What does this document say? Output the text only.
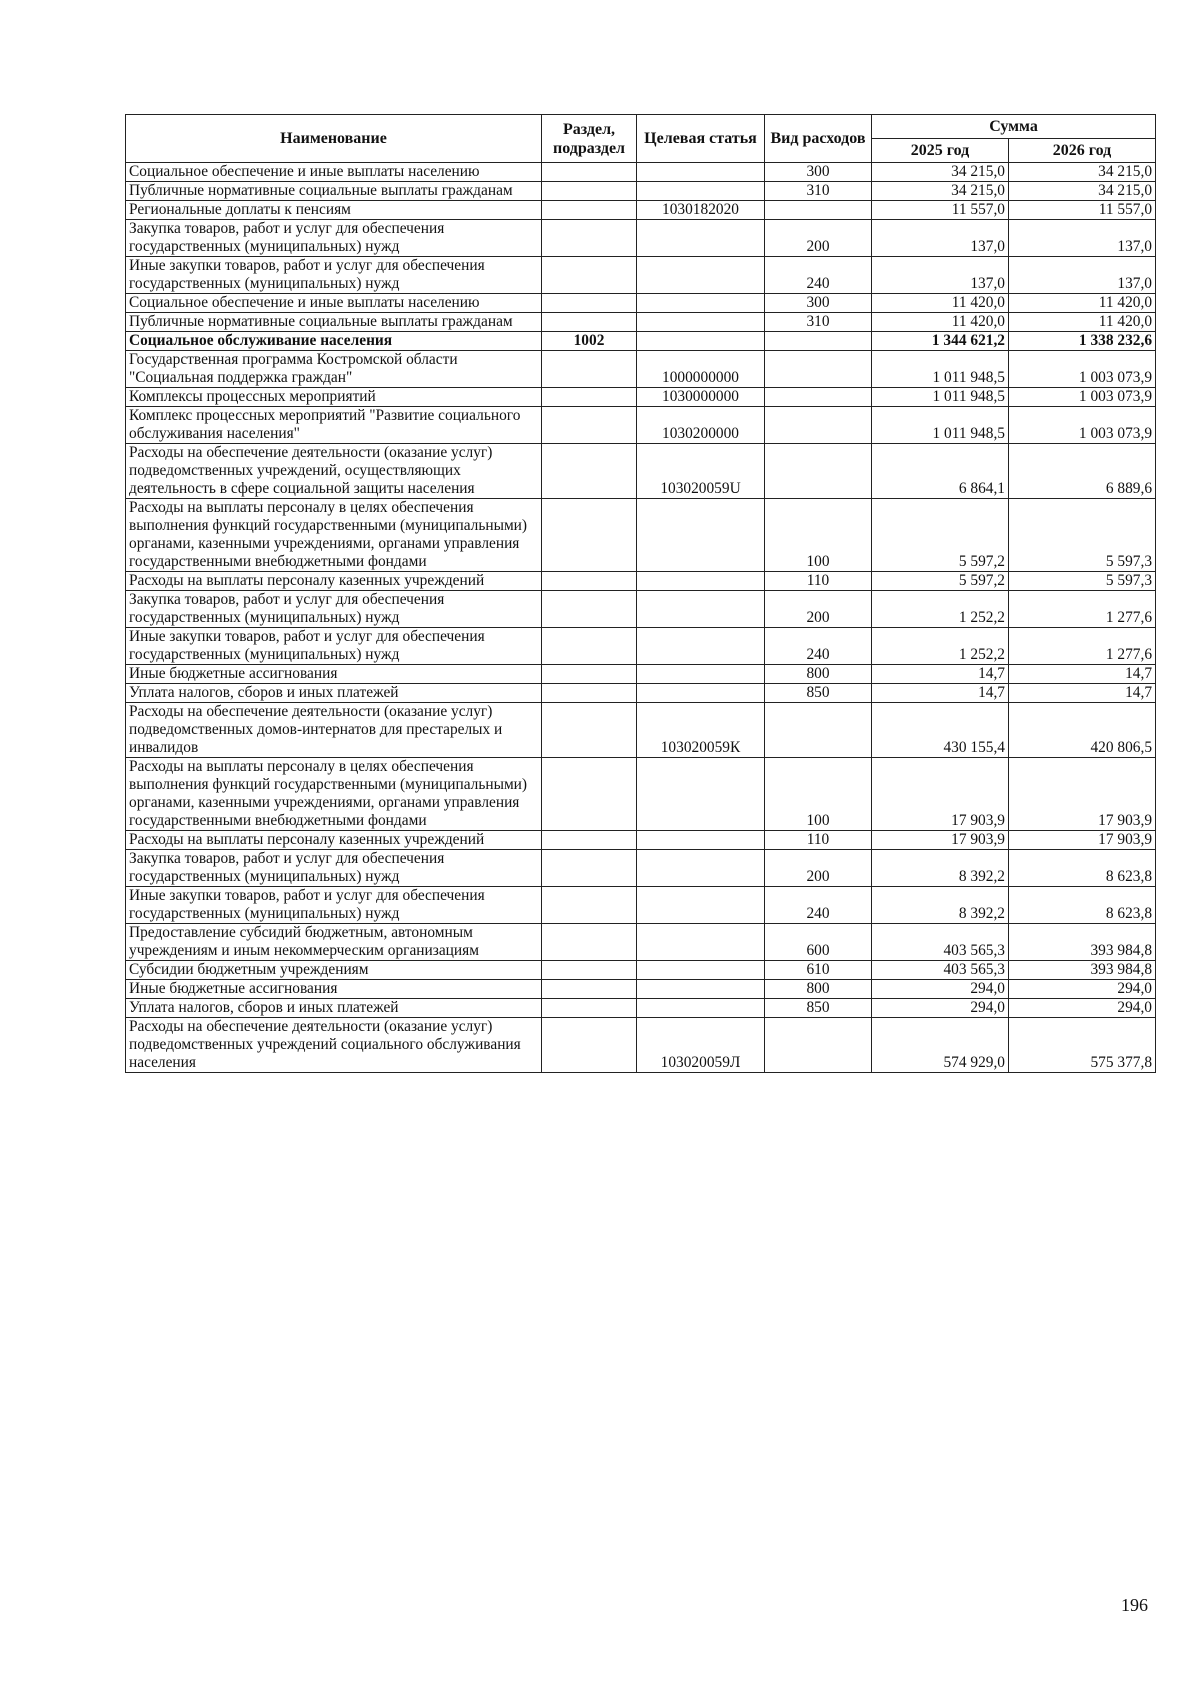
Наименование	Раздел, подраздел	Целевая статья	Вид расходов	Сумма	
				2025 год	2026 год
Социальное обеспечение и иные выплаты населению			300	34 215,0	34 215,0
Публичные нормативные социальные выплаты гражданам			310	34 215,0	34 215,0
Региональные доплаты к пенсиям		1030182020		11 557,0	11 557,0
Закупка товаров, работ и услуг для обеспечения государственных (муниципальных) нужд			200	137,0	137,0
Иные закупки товаров, работ и услуг для обеспечения государственных (муниципальных) нужд			240	137,0	137,0
Социальное обеспечение и иные выплаты населению			300	11 420,0	11 420,0
Публичные нормативные социальные выплаты гражданам			310	11 420,0	11 420,0
Социальное обслуживание населения	1002			1 344 621,2	1 338 232,6
Государственная программа Костромской области "Социальная поддержка граждан"		1000000000		1 011 948,5	1 003 073,9
Комплексы процессных мероприятий		1030000000		1 011 948,5	1 003 073,9
Комплекс процессных мероприятий "Развитие социального обслуживания населения"		1030200000		1 011 948,5	1 003 073,9
Расходы на обеспечение деятельности (оказание услуг) подведомственных учреждений, осуществляющих деятельность в сфере социальной защиты населения		103020059U		6 864,1	6 889,6
Расходы на выплаты персоналу в целях обеспечения выполнения функций государственными (муниципальными) органами, казенными учреждениями, органами управления государственными внебюджетными фондами			100	5 597,2	5 597,3
Расходы на выплаты персоналу казенных учреждений			110	5 597,2	5 597,3
Закупка товаров, работ и услуг для обеспечения государственных (муниципальных) нужд			200	1 252,2	1 277,6
Иные закупки товаров, работ и услуг для обеспечения государственных (муниципальных) нужд			240	1 252,2	1 277,6
Иные бюджетные ассигнования			800	14,7	14,7
Уплата налогов, сборов и иных платежей			850	14,7	14,7
Расходы на обеспечение деятельности (оказание услуг) подведомственных домов-интернатов для престарелых и инвалидов		103020059К		430 155,4	420 806,5
Расходы на выплаты персоналу в целях обеспечения выполнения функций государственными (муниципальными) органами, казенными учреждениями, органами управления государственными внебюджетными фондами			100	17 903,9	17 903,9
Расходы на выплаты персоналу казенных учреждений			110	17 903,9	17 903,9
Закупка товаров, работ и услуг для обеспечения государственных (муниципальных) нужд			200	8 392,2	8 623,8
Иные закупки товаров, работ и услуг для обеспечения государственных (муниципальных) нужд			240	8 392,2	8 623,8
Предоставление субсидий бюджетным, автономным учреждениям и иным некоммерческим организациям			600	403 565,3	393 984,8
Субсидии бюджетным учреждениям			610	403 565,3	393 984,8
Иные бюджетные ассигнования			800	294,0	294,0
Уплата налогов, сборов и иных платежей			850	294,0	294,0
Расходы на обеспечение деятельности (оказание услуг) подведомственных учреждений социального обслуживания населения		103020059Л		574 929,0	575 377,8
196
